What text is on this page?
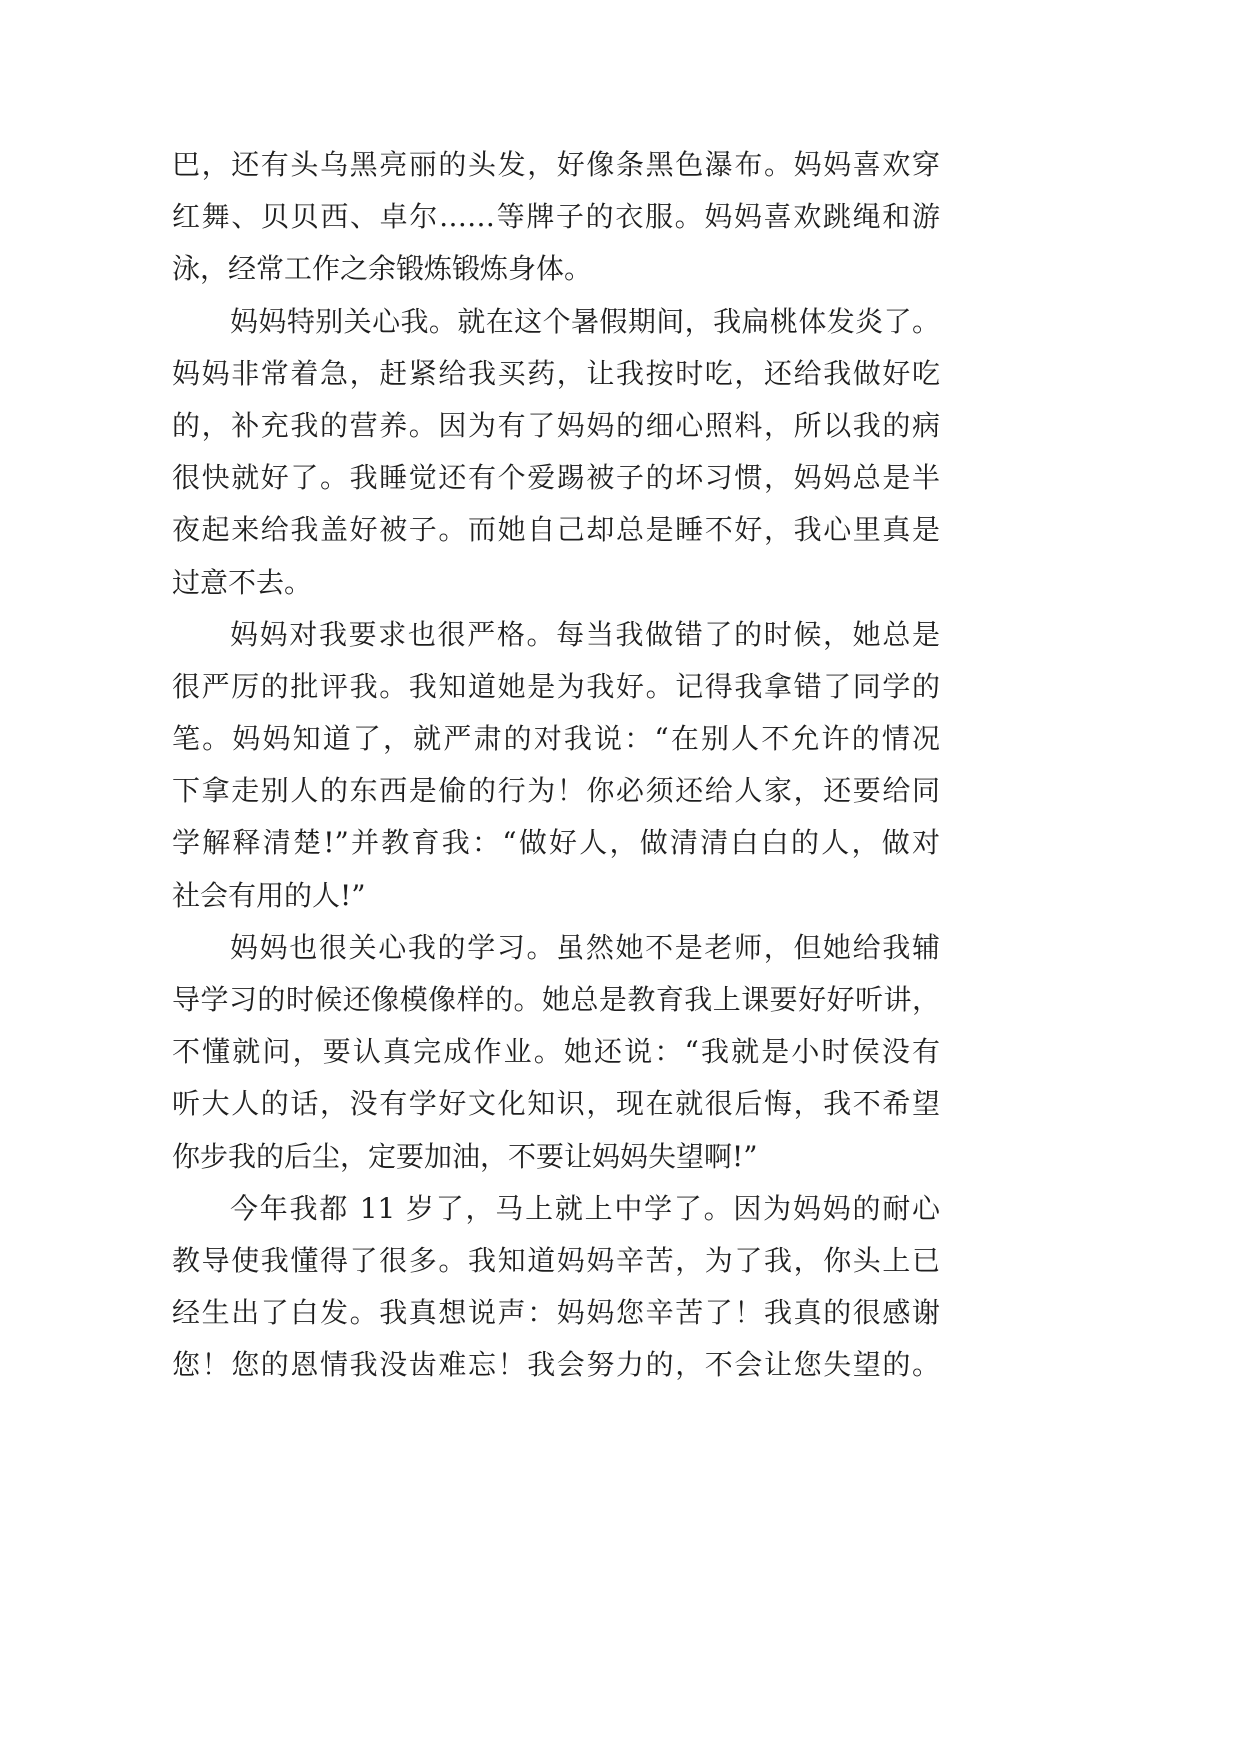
巴，还有头乌黑亮丽的头发，好像条黑色瀑布。妈妈喜欢穿
红舞、贝贝西、卓尔……等牌子的衣服。妈妈喜欢跳绳和游
泳，经常工作之余锻炼锻炼身体。
妈妈特别关心我。就在这个暑假期间，我扁桃体发炎了。
妈妈非常着急，赶紧给我买药，让我按时吃，还给我做好吃
的，补充我的营养。因为有了妈妈的细心照料，所以我的病
很快就好了。我睡觉还有个爱踢被子的坏习惯，妈妈总是半
夜起来给我盖好被子。而她自己却总是睡不好，我心里真是
过意不去。
妈妈对我要求也很严格。每当我做错了的时候，她总是
很严厉的批评我。我知道她是为我好。记得我拿错了同学的
笔。妈妈知道了，就严肃的对我说：“在别人不允许的情况
下拿走别人的东西是偷的行为！你必须还给人家，还要给同
学解释清楚!”并教育我：“做好人，做清清白白的人，做对
社会有用的人!”
妈妈也很关心我的学习。虽然她不是老师，但她给我辅
导学习的时候还像模像样的。她总是教育我上课要好好听讲，
不懂就问，要认真完成作业。她还说：“我就是小时侯没有
听大人的话，没有学好文化知识，现在就很后悔，我不希望
你步我的后尘，定要加油，不要让妈妈失望啊!”
今年我都 11 岁了，马上就上中学了。因为妈妈的耐心
教导使我懂得了很多。我知道妈妈辛苦，为了我，你头上已
经生出了白发。我真想说声：妈妈您辛苦了！我真的很感谢
您！您的恩情我没齿难忘！我会努力的，不会让您失望的。
